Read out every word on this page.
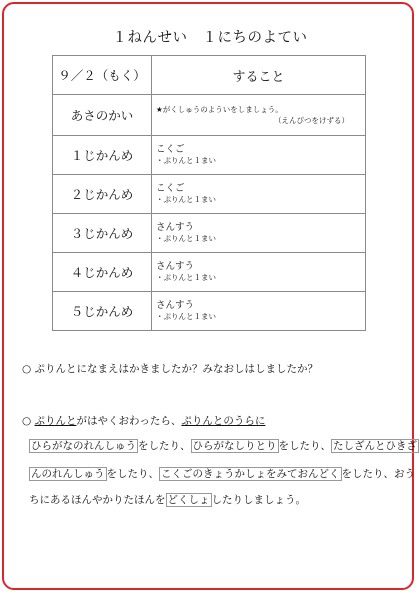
１ねんせい　１にちのよてい
９／２（もく）	すること
あさのかい	★がくしゅうのよういをしましょう。
（えんぴつをけずる）

１じかんめ	こくご
・ぷりんと１まい

２じかんめ	こくご
・ぷりんと１まい

３じかんめ	さんすう
・ぷりんと１まい

４じかんめ	さんすう
・ぷりんと１まい

５じかんめ	さんすう
・ぷりんと１まい
○ ぷりんとになまえはかきましたか？みなおしはしましたか？
○ ぷりんとがはやくおわったら、ぷりんとのうらに
ひらがなのれんしゅう をしたり、 ひらがなしりとり をしたり、 たしざんとひきざ
んのれんしゅう をしたり、 こくごのきょうかしょをみておんどく をしたり、おう
ちにあるほんやかりたほんを どくしょ したりしましょう。
